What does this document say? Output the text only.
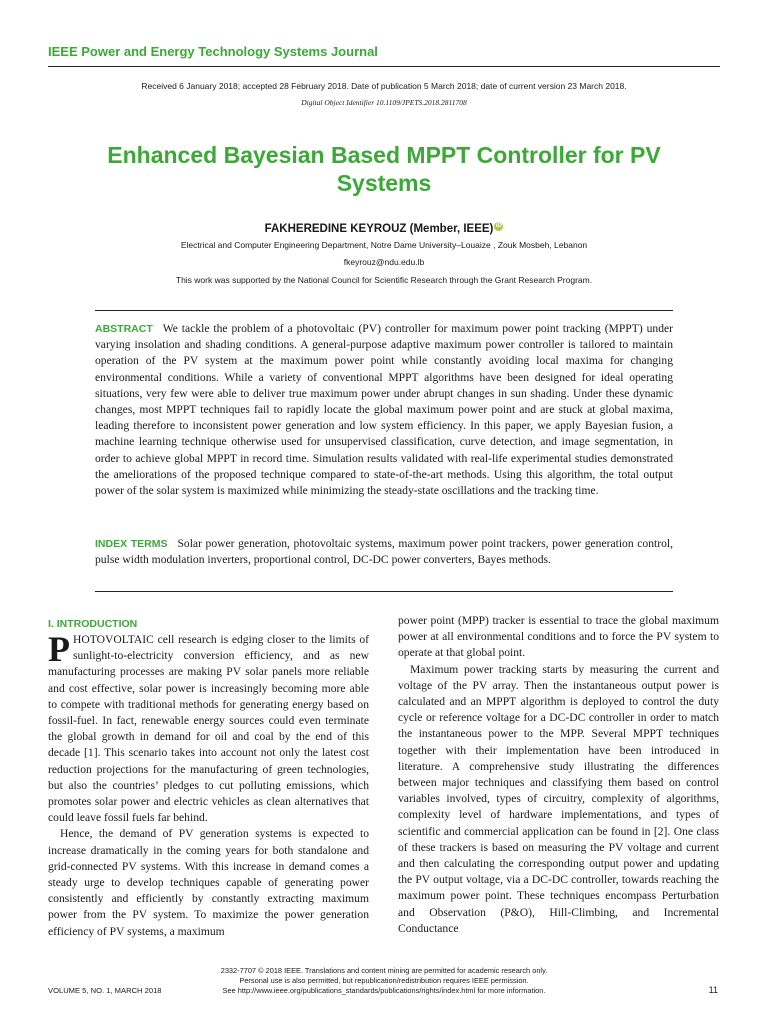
IEEE Power and Energy Technology Systems Journal
Received 6 January 2018; accepted 28 February 2018. Date of publication 5 March 2018; date of current version 23 March 2018.
Digital Object Identifier 10.1109/JPETS.2018.2811708
Enhanced Bayesian Based MPPT Controller for PV Systems
FAKHEREDINE KEYROUZ (Member, IEEE) iD
Electrical and Computer Engineering Department, Notre Dame University–Louaize , Zouk Mosbeh, Lebanon
fkeyrouz@ndu.edu.lb
This work was supported by the National Council for Scientific Research through the Grant Research Program.

ABSTRACT We tackle the problem of a photovoltaic (PV) controller for maximum power point tracking (MPPT) under varying insolation and shading conditions. A general-purpose adaptive maximum power controller is tailored to maintain operation of the PV system at the maximum power point while constantly avoiding local maxima for changing environmental conditions. While a variety of conventional MPPT algorithms have been designed for ideal operating situations, very few were able to deliver true maximum power under abrupt changes in sun shading. Under these dynamic changes, most MPPT techniques fail to rapidly locate the global maximum power point and are stuck at global maxima, leading therefore to inconsistent power generation and low system efficiency. In this paper, we apply Bayesian fusion, a machine learning technique otherwise used for unsupervised classification, curve detection, and image segmentation, in order to achieve global MPPT in record time. Simulation results validated with real-life experimental studies demonstrated the ameliorations of the proposed technique compared to state-of-the-art methods. Using this algorithm, the total output power of the solar system is maximized while minimizing the steady-state oscillations and the tracking time.

INDEX TERMS Solar power generation, photovoltaic systems, maximum power point trackers, power generation control, pulse width modulation inverters, proportional control, DC-DC power converters, Bayes methods.

I. INTRODUCTION

PHOTOVOLTAIC cell research is edging closer to the limits of sunlight-to-electricity conversion efficiency, and as new manufacturing processes are making PV solar panels more reliable and cost effective, solar power is increasingly becoming more able to compete with traditional methods for generating energy based on fossil-fuel. In fact, renewable energy sources could even terminate the global growth in demand for oil and coal by the end of this decade [1]. This scenario takes into account not only the latest cost reduction projections for the manufacturing of green technologies, but also the countries’ pledges to cut polluting emissions, which promotes solar power and electric vehicles as clean alternatives that could leave fossil fuels far behind.

Hence, the demand of PV generation systems is expected to increase dramatically in the coming years for both standalone and grid-connected PV systems. With this increase in demand comes a steady urge to develop techniques capable of generating power consistently and efficiently by constantly extracting maximum power from the PV system. To maximize the power generation efficiency of PV systems, a maximum

power point (MPP) tracker is essential to trace the global maximum power at all environmental conditions and to force the PV system to operate at that global point.

Maximum power tracking starts by measuring the current and voltage of the PV array. Then the instantaneous output power is calculated and an MPPT algorithm is deployed to control the duty cycle or reference voltage for a DC-DC controller in order to match the instantaneous power to the MPP. Several MPPT techniques together with their implementation have been introduced in literature. A comprehensive study illustrating the differences between major techniques and classifying them based on control variables involved, types of circuitry, complexity of algorithms, complexity level of hardware implementations, and types of scientific and commercial application can be found in [2]. One class of these trackers is based on measuring the PV voltage and current and then calculating the corresponding output power and updating the PV output voltage, via a DC-DC controller, towards reaching the maximum power point. These techniques encompass Perturbation and Observation (P&O), Hill-Climbing, and Incremental Conductance

2332-7707 © 2018 IEEE. Translations and content mining are permitted for academic research only.
Personal use is also permitted, but republication/redistribution requires IEEE permission.
See http://www.ieee.org/publications_standards/publications/rights/index.html for more information.
VOLUME 5, NO. 1, MARCH 2018	11
